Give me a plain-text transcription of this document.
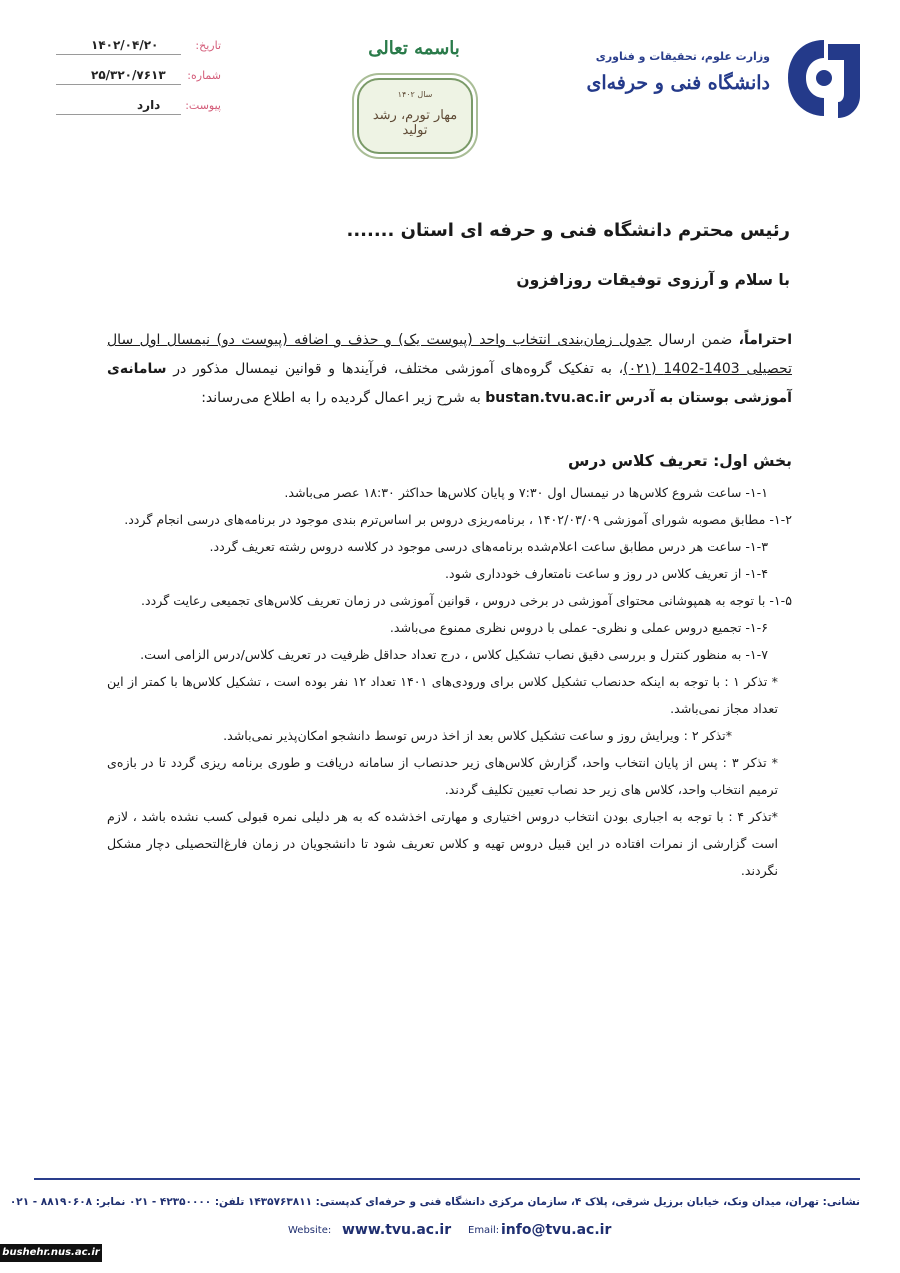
وزارت علوم، تحقیقات و فناوری
دانشگاه فنی و حرفه‌ای
باسمه تعالی
سال ۱۴۰۲
مهار تورم، رشد تولید
تاریخ:
۱۴۰۲/۰۴/۲۰
شماره:
۲۵/۳۲۰/۷۶۱۳
پیوست:
دارد
رئیس محترم دانشگاه فنی و حرفه ای استان .......
با سلام و آرزوی توفیقات روزافزون
احتراماً، ضمن ارسال جدول زمان‌بندی انتخاب واحد (پیوست یک) و حذف و اضافه (پیوست دو) نیمسال اول سال تحصیلی 1403-1402 (۰۲۱)، به تفکیک گروه‌های آموزشی مختلف، فرآیندها و قوانین نیمسال مذکور در سامانه‌ی آموزشی بوستان به آدرس bustan.tvu.ac.ir به شرح زیر اعمال گردیده را به اطلاع می‌رساند:
بخش اول: تعریف کلاس درس

۱-۱- ساعت شروع کلاس‌ها در نیمسال اول ۷:۳۰ و پایان کلاس‌ها حداکثر ۱۸:۳۰ عصر می‌باشد.

۱-۲- مطابق مصوبه شورای آموزشی ۱۴۰۲/۰۳/۰۹ ، برنامه‌ریزی دروس بر اساس‌ترم بندی موجود در برنامه‌های درسی انجام گردد.

۱-۳- ساعت هر درس مطابق ساعت اعلام‌شده برنامه‌های درسی موجود در کلاسه دروس رشته تعریف گردد.

۱-۴- از تعریف کلاس در روز و ساعت نامتعارف خودداری شود.

۱-۵- با توجه به همپوشانی محتوای آموزشی در برخی دروس ، قوانین آموزشی در زمان تعریف کلاس‌های تجمیعی رعایت گردد.

۱-۶- تجمیع دروس عملی و نظری- عملی با دروس نظری ممنوع می‌باشد.

۱-۷- به منظور کنترل و بررسی دقیق نصاب تشکیل کلاس ، درج تعداد حداقل ظرفیت در تعریف کلاس/درس الزامی است.

* تذکر ۱ : با توجه به اینکه حدنصاب تشکیل کلاس برای ورودی‌های ۱۴۰۱ تعداد ۱۲ نفر بوده است ، تشکیل کلاس‌ها با کمتر از این تعداد مجاز نمی‌باشد.

*تذکر ۲ : ویرایش روز و ساعت تشکیل کلاس بعد از اخذ درس توسط دانشجو امکان‌پذیر نمی‌باشد.

* تذکر ۳ : پس از پایان انتخاب واحد، گزارش کلاس‌های زیر حدنصاب از سامانه دریافت و طوری برنامه ریزی گردد تا در بازه‌ی ترمیم انتخاب واحد، کلاس های زیر حد نصاب تعیین تکلیف گردند.

*تذکر ۴ : با توجه به اجباری بودن انتخاب دروس اختیاری و مهارتی اخذشده که به هر دلیلی نمره قبولی کسب نشده باشد ، لازم است گزارشی از نمرات افتاده در این قبیل دروس تهیه و کلاس تعریف شود تا دانشجویان در زمان فارغ‌التحصیلی دچار مشکل نگردند.

نشانی: تهران، میدان ونک، خیابان برزیل شرقی، پلاک ۴، سازمان مرکزی دانشگاه فنی و حرفه‌ای کدپستی: ۱۴۳۵۷۶۳۸۱۱ تلفن: ۴۲۳۵۰۰۰۰ - ۰۲۱ نمابر: ۸۸۱۹۰۶۰۸ - ۰۲۱
Website: www.tvu.ac.ir Email: info@tvu.ac.ir
bushehr.nus.ac.ir
